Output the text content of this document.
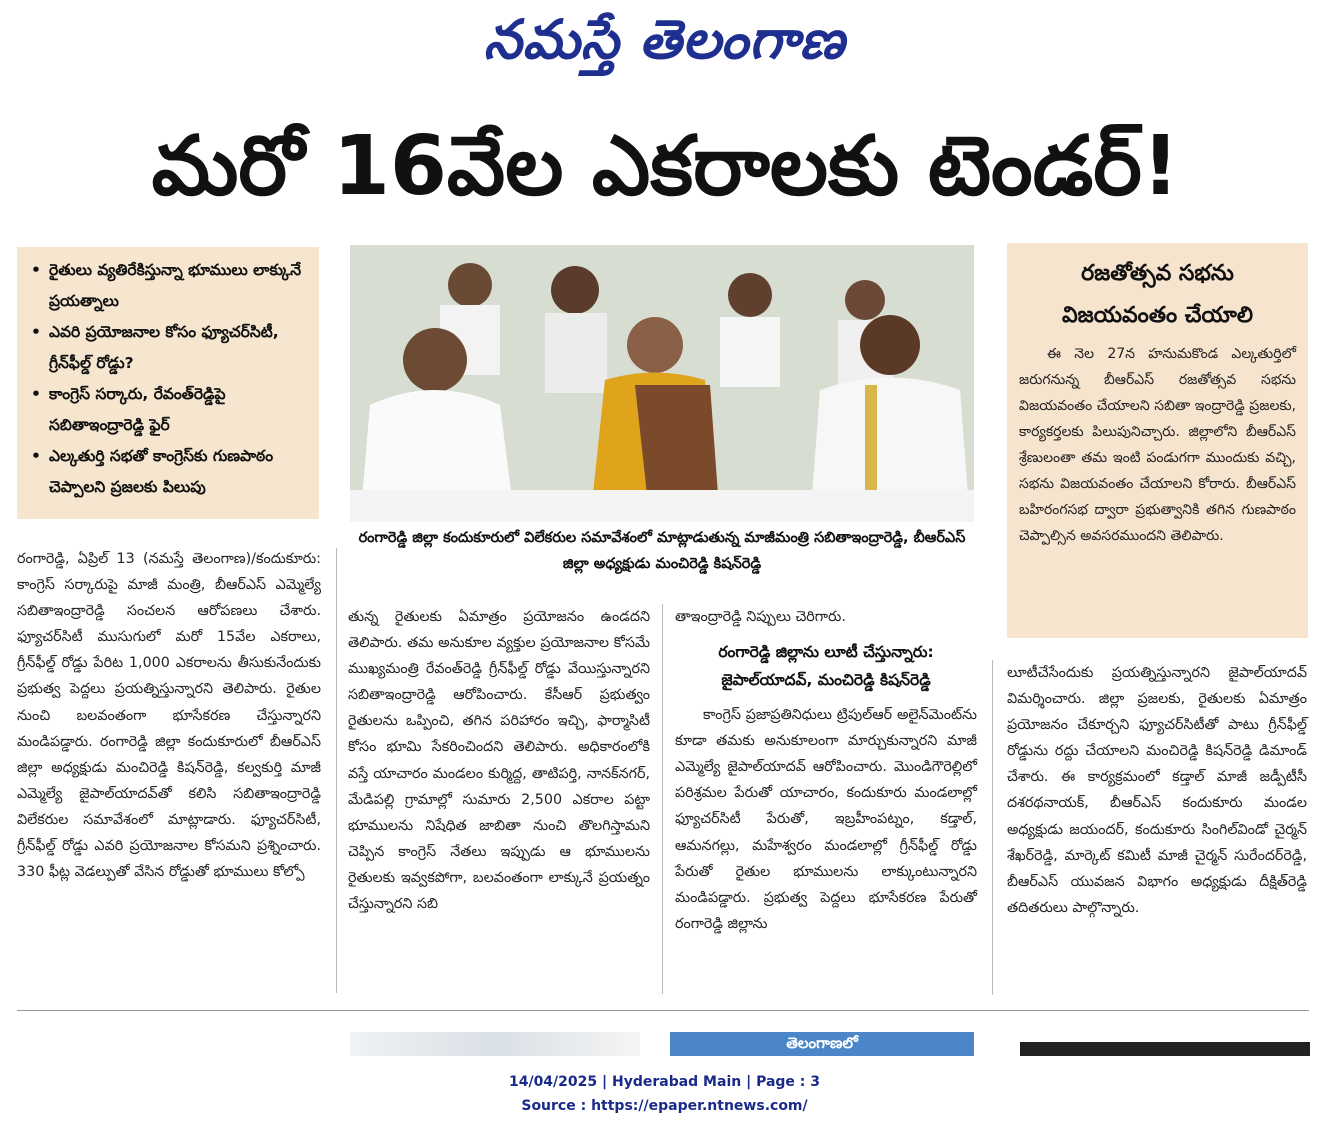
నమస్తే తెలంగాణ
మరో 16వేల ఎకరాలకు టెండర్!
• రైతులు వ్యతిరేకిస్తున్నా భూములు లాక్కునే ప్రయత్నాలు
• ఎవరి ప్రయోజనాల కోసం ఫ్యూచర్‌సిటీ, గ్రీన్‌ఫీల్డ్ రోడ్డు?
• కాంగ్రెస్ సర్కారు, రేవంత్‌రెడ్డిపై సబితాఇంద్రారెడ్డి ఫైర్
• ఎల్కతుర్తి సభతో కాంగ్రెస్‌కు గుణపాఠం చెప్పాలని ప్రజలకు పిలుపు
రంగారెడ్డి జిల్లా కందుకూరులో విలేకరుల సమావేశంలో మాట్లాడుతున్న మాజీమంత్రి సబితాఇంద్రారెడ్డి, బీఆర్‌ఎస్ జిల్లా అధ్యక్షుడు మంచిరెడ్డి కిషన్‌రెడ్డి
రజతోత్సవ సభను
విజయవంతం చేయాలి
ఈ నెల 27న హనుమకొండ ఎల్కతుర్తిలో జరుగనున్న బీఆర్‌ఎస్ రజతోత్సవ సభను విజయవంతం చేయాలని సబితా ఇంద్రారెడ్డి ప్రజలకు, కార్యకర్తలకు పిలుపునిచ్చారు. జిల్లాలోని బీఆర్‌ఎస్ శ్రేణులంతా తమ ఇంటి పండుగగా ముందుకు వచ్చి, సభను విజయవంతం చేయాలని కోరారు. బీఆర్‌ఎస్ బహిరంగసభ ద్వారా ప్రభుత్వానికి తగిన గుణపాఠం చెప్పాల్సిన అవసరముందని తెలిపారు.

రంగారెడ్డి, ఏప్రిల్ 13 (నమస్తే తెలంగాణ)/కందుకూరు: కాంగ్రెస్ సర్కారుపై మాజీ మంత్రి, బీఆర్‌ఎస్ ఎమ్మెల్యే సబితాఇంద్రారెడ్డి సంచలన ఆరోపణలు చేశారు. ఫ్యూచర్‌సిటీ ముసుగులో మరో 15వేల ఎకరాలు, గ్రీన్‌ఫీల్డ్ రోడ్డు పేరిట 1,000 ఎకరాలను తీసుకునేందుకు ప్రభుత్వ పెద్దలు ప్రయత్నిస్తున్నారని తెలిపారు. రైతుల నుంచి బలవంతంగా భూసేకరణ చేస్తున్నారని మండిపడ్డారు. రంగారెడ్డి జిల్లా కందుకూరులో బీఆర్‌ఎస్ జిల్లా అధ్యక్షుడు మంచిరెడ్డి కిషన్‌రెడ్డి, కల్వకుర్తి మాజీ ఎమ్మెల్యే జైపాల్‌యాదవ్‌తో కలిసి సబితాఇంద్రారెడ్డి విలేకరుల సమావేశంలో మాట్లాడారు. ఫ్యూచర్‌సిటీ, గ్రీన్‌ఫీల్డ్ రోడ్డు ఎవరి ప్రయోజనాల కోసమని ప్రశ్నించారు. 330 ఫీట్ల వెడల్పుతో వేసిన రోడ్డుతో భూములు కోల్పో

తున్న రైతులకు ఏమాత్రం ప్రయోజనం ఉండదని తెలిపారు. తమ అనుకూల వ్యక్తుల ప్రయోజనాల కోసమే ముఖ్యమంత్రి రేవంత్‌రెడ్డి గ్రీన్‌ఫీల్డ్ రోడ్డు వేయిస్తున్నారని సబితాఇంద్రారెడ్డి ఆరోపించారు. కేసీఆర్ ప్రభుత్వం రైతులను ఒప్పించి, తగిన పరిహారం ఇచ్చి, ఫార్మాసిటీ కోసం భూమి సేకరించిందని తెలిపారు. అధికారంలోకి వస్తే యాచారం మండలం కుర్మిద్ద, తాటిపర్తి, నానక్‌నగర్, మేడిపల్లి గ్రామాల్లో సుమారు 2,500 ఎకరాల పట్టా భూములను నిషేధిత జాబితా నుంచి తొలగిస్తామని చెప్పిన కాంగ్రెస్ నేతలు ఇప్పుడు ఆ భూములను రైతులకు ఇవ్వకపోగా, బలవంతంగా లాక్కునే ప్రయత్నం చేస్తున్నారని సబి

తాఇంద్రారెడ్డి నిప్పులు చెరిగారు.

రంగారెడ్డి జిల్లాను లూటీ చేస్తున్నారు:
జైపాల్‌యాదవ్, మంచిరెడ్డి కిషన్‌రెడ్డి

కాంగ్రెస్ ప్రజాప్రతినిధులు ట్రిపుల్‌ఆర్ అలైన్‌మెంట్‌ను కూడా తమకు అనుకూలంగా మార్చుకున్నారని మాజీ ఎమ్మెల్యే జైపాల్‌యాదవ్ ఆరోపించారు. మొండిగౌరెల్లిలో పరిశ్రమల పేరుతో యాచారం, కందుకూరు మండలాల్లో ఫ్యూచర్‌సిటీ పేరుతో, ఇబ్రహీంపట్నం, కడ్తాల్, ఆమనగల్లు, మహేశ్వరం మండలాల్లో గ్రీన్‌ఫీల్డ్ రోడ్డు పేరుతో రైతుల భూములను లాక్కుంటున్నారని మండిపడ్డారు. ప్రభుత్వ పెద్దలు భూసేకరణ పేరుతో రంగారెడ్డి జిల్లాను

లూటీచేసేందుకు ప్రయత్నిస్తున్నారని జైపాల్‌యాదవ్ విమర్శించారు. జిల్లా ప్రజలకు, రైతులకు ఏమాత్రం ప్రయోజనం చేకూర్చని ఫ్యూచర్‌సిటీతో పాటు గ్రీన్‌ఫీల్డ్ రోడ్డును రద్దు చేయాలని మంచిరెడ్డి కిషన్‌రెడ్డి డిమాండ్ చేశారు. ఈ కార్యక్రమంలో కడ్తాల్ మాజీ జడ్పీటీసీ దశరథనాయక్, బీఆర్‌ఎస్ కందుకూరు మండల అధ్యక్షుడు జయందర్, కందుకూరు సింగిల్‌విండో చైర్మన్ శేఖర్‌రెడ్డి, మార్కెట్ కమిటీ మాజీ చైర్మన్ సురేందర్‌రెడ్డి, బీఆర్‌ఎస్ యువజన విభాగం అధ్యక్షుడు దీక్షిత్‌రెడ్డి తదితరులు పాల్గొన్నారు.

తెలంగాణలో
14/04/2025 | Hyderabad Main | Page : 3
Source : https://epaper.ntnews.com/
